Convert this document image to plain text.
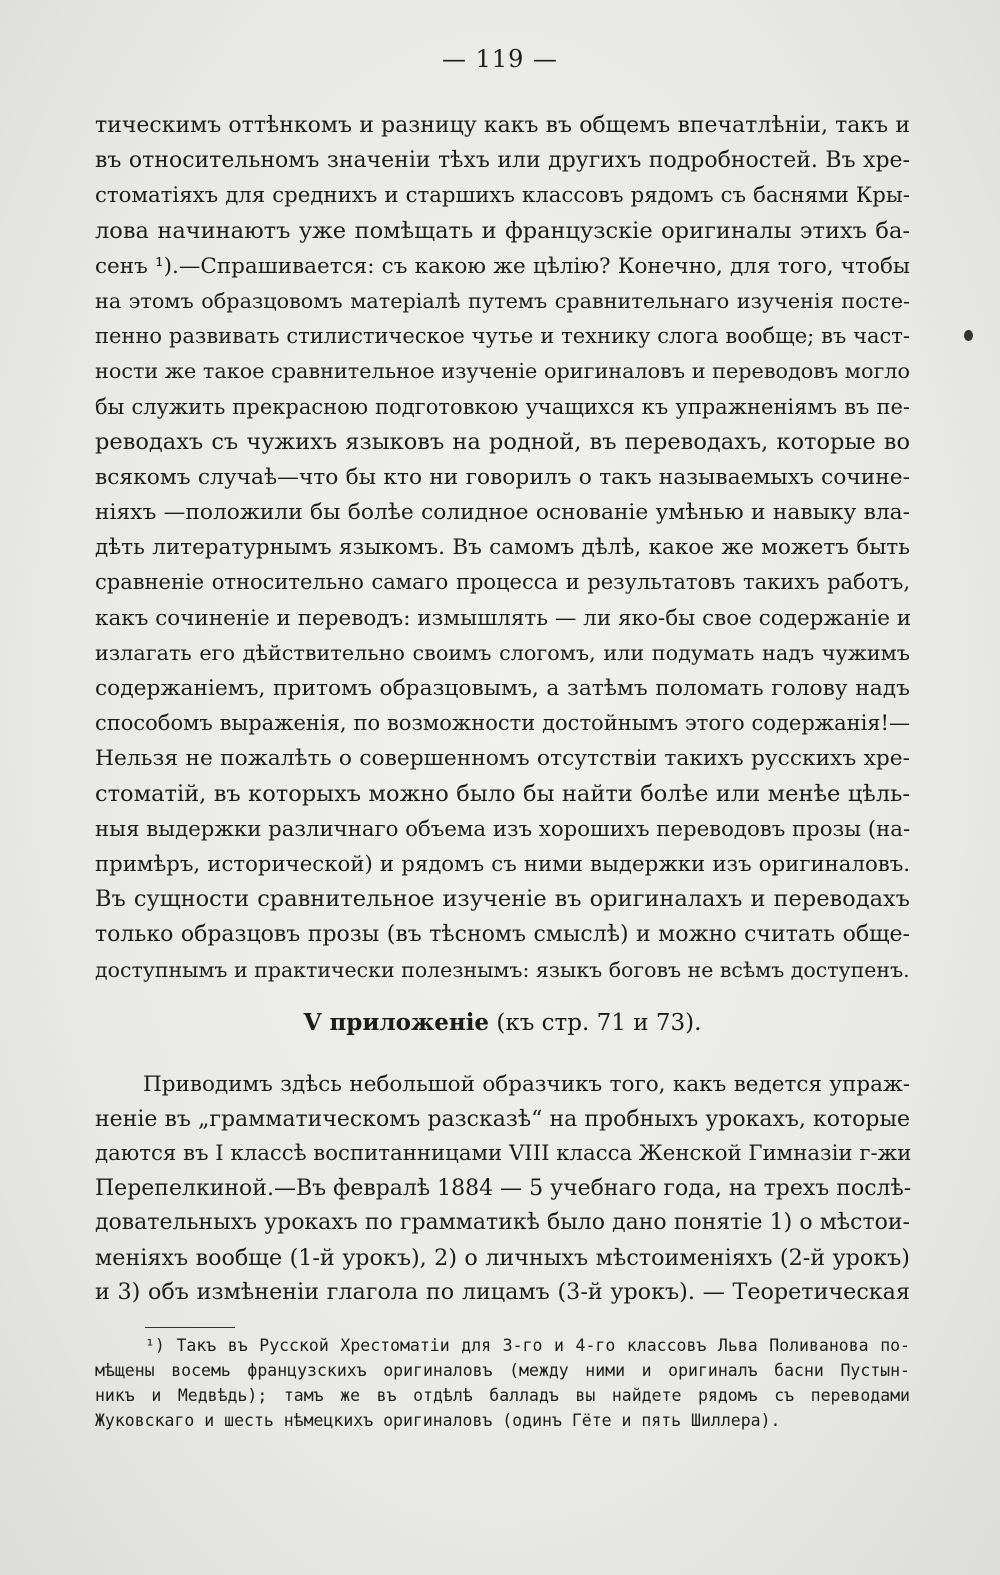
— 119 —
тическимъ оттѣнкомъ и разницу какъ въ общемъ впечатлѣніи, такъ и
въ относительномъ значеніи тѣхъ или другихъ подробностей. Въ хре-
стоматіяхъ для среднихъ и старшихъ классовъ рядомъ съ баснями Кры-
лова начинаютъ уже помѣщать и французскіе оригиналы этихъ ба-
сенъ ¹).—Спрашивается: съ какою же цѣлію? Конечно, для того, чтобы
на этомъ образцовомъ матеріалѣ путемъ сравнительнаго изученія посте-
пенно развивать стилистическое чутье и технику слога вообще; въ част-
ности же такое сравнительное изученіе оригиналовъ и переводовъ могло
бы служить прекрасною подготовкою учащихся къ упражненіямъ въ пе-
реводахъ съ чужихъ языковъ на родной, въ переводахъ, которые во
всякомъ случаѣ—что бы кто ни говорилъ о такъ называемыхъ сочине-
ніяхъ —положили бы болѣе солидное основаніе умѣнью и навыку вла-
дѣть литературнымъ языкомъ. Въ самомъ дѣлѣ, какое же можетъ быть
сравненіе относительно самаго процесса и результатовъ такихъ работъ,
какъ сочиненіе и переводъ: измышлять — ли яко-бы свое содержаніе и
излагать его дѣйствительно своимъ слогомъ, или подумать надъ чужимъ
содержаніемъ, притомъ образцовымъ, а затѣмъ поломать голову надъ
способомъ выраженія, по возможности достойнымъ этого содержанія!—
Нельзя не пожалѣть о совершенномъ отсутствіи такихъ русскихъ хре-
стоматій, въ которыхъ можно было бы найти болѣе или менѣе цѣль-
ныя выдержки различнаго объема изъ хорошихъ переводовъ прозы (на-
примѣръ, исторической) и рядомъ съ ними выдержки изъ оригиналовъ.
Въ сущности сравнительное изученіе въ оригиналахъ и переводахъ
только образцовъ прозы (въ тѣсномъ смыслѣ) и можно считать обще-
доступнымъ и практически полезнымъ: языкъ боговъ не всѣмъ доступенъ.
V приложеніе (къ стр. 71 и 73).
Приводимъ здѣсь небольшой образчикъ того, какъ ведется упраж-
неніе въ „грамматическомъ разсказѣ“ на пробныхъ урокахъ, которые
даются въ I классѣ воспитанницами VIII класса Женской Гимназіи г-жи
Перепелкиной.—Въ февралѣ 1884 — 5 учебнаго года, на трехъ послѣ-
довательныхъ урокахъ по грамматикѣ было дано понятіе 1) о мѣстои-
меніяхъ вообще (1-й урокъ), 2) о личныхъ мѣстоименіяхъ (2-й урокъ)
и 3) объ измѣненіи глагола по лицамъ (3-й урокъ). — Теоретическая
¹) Такъ въ Русской Хрестоматіи для 3-го и 4-го классовъ Льва Поливанова по-
мѣщены восемь французскихъ оригиналовъ (между ними и оригиналъ басни Пустын-
никъ и Медвѣдь); тамъ же въ отдѣлѣ балладъ вы найдете рядомъ съ переводами
Жуковскаго и шесть нѣмецкихъ оригиналовъ (одинъ Гёте и пять Шиллера).
